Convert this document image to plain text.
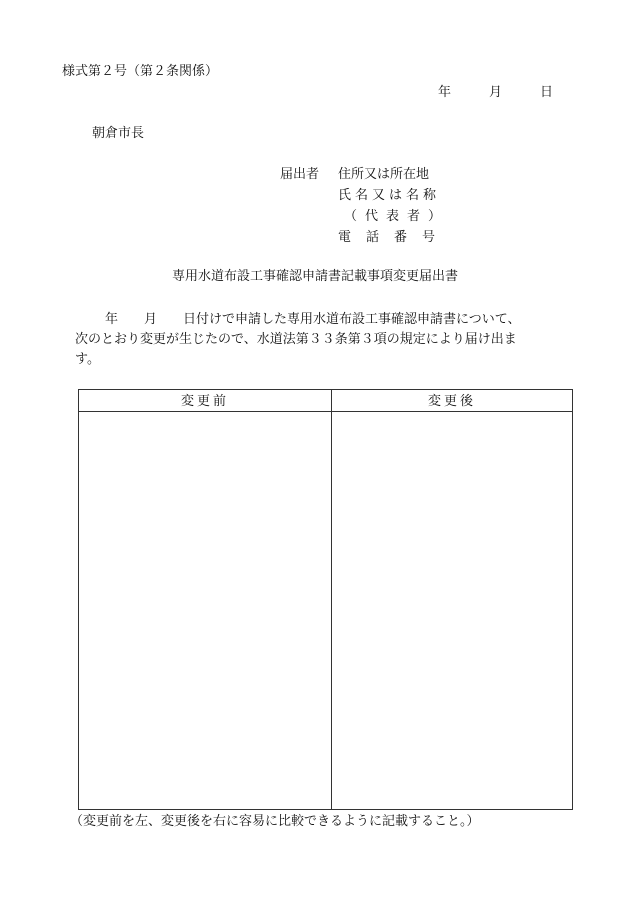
様式第２号（第２条関係）
年	月	日
朝倉市長
届出者 住所又は所在地
氏名又は名称
（代表者）
電話番号
専用水道布設工事確認申請書記載事項変更届出書
年　　月　　日付けで申請した専用水道布設工事確認申請書について、
次のとおり変更が生じたので、水道法第３３条第３項の規定により届け出ま
す。
変更前	変更後
（変更前を左、変更後を右に容易に比較できるように記載すること。）
